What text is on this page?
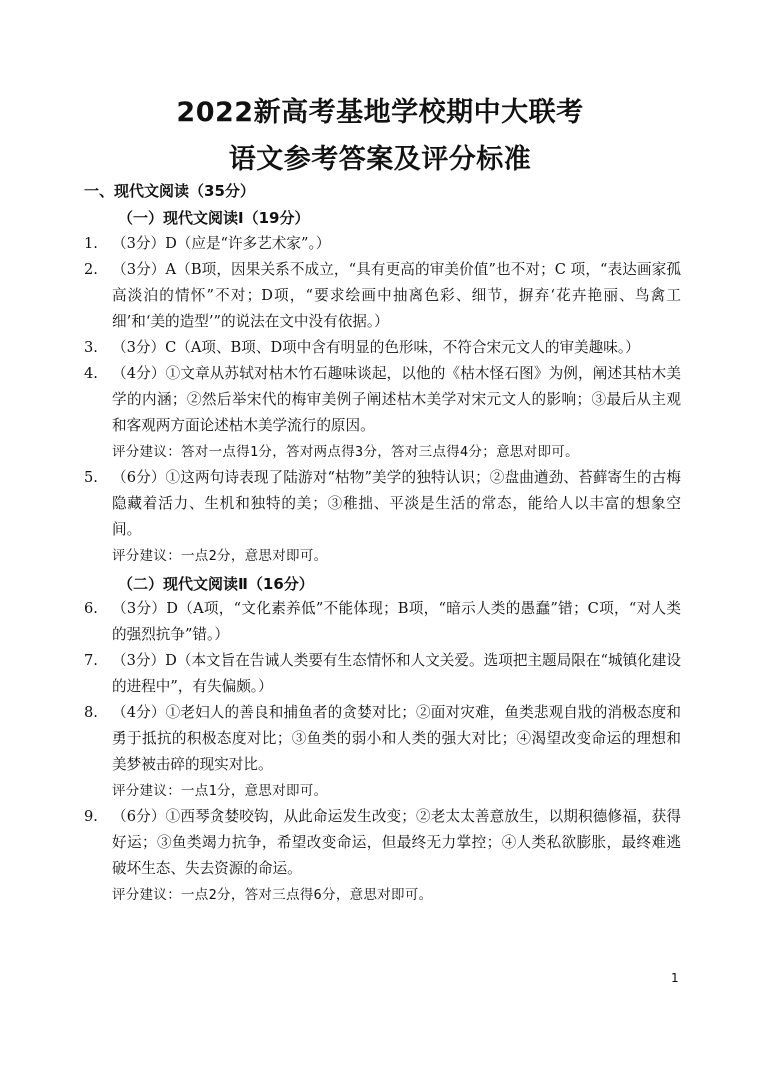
2022新高考基地学校期中大联考
语文参考答案及评分标准
一、现代文阅读（35分）
（一）现代文阅读Ⅰ（19分）
1. （3分）D（应是“许多艺术家”。）
2. （3分）A（B项，因果关系不成立，“具有更高的审美价值”也不对；C 项，“表达画家孤高淡泊的情怀”不对；D项，“要求绘画中抽离色彩、细节，摒弃‘花卉艳丽、鸟禽工细’和‘美的造型’”的说法在文中没有依据。）
3. （3分）C（A项、B项、D项中含有明显的色形味，不符合宋元文人的审美趣味。）
4. （4分）①文章从苏轼对枯木竹石趣味谈起，以他的《枯木怪石图》为例，阐述其枯木美学的内涵；②然后举宋代的梅审美例子阐述枯木美学对宋元文人的影响；③最后从主观和客观两方面论述枯木美学流行的原因。
评分建议：答对一点得1分，答对两点得3分，答对三点得4分；意思对即可。
5. （6分）①这两句诗表现了陆游对“枯物”美学的独特认识；②盘曲遒劲、苔藓寄生的古梅隐藏着活力、生机和独特的美；③稚拙、平淡是生活的常态，能给人以丰富的想象空间。
评分建议：一点2分，意思对即可。
（二）现代文阅读Ⅱ（16分）
6. （3分）D（A项，“文化素养低”不能体现；B项，“暗示人类的愚蠢”错；C项，“对人类的强烈抗争”错。）
7. （3分）D（本文旨在告诫人类要有生态情怀和人文关爱。选项把主题局限在“城镇化建设的进程中”，有失偏颇。）
8. （4分）①老妇人的善良和捕鱼者的贪婪对比；②面对灾难，鱼类悲观自戕的消极态度和勇于抵抗的积极态度对比；③鱼类的弱小和人类的强大对比；④渴望改变命运的理想和美梦被击碎的现实对比。
评分建议：一点1分，意思对即可。
9. （6分）①西琴贪婪咬钩，从此命运发生改变；②老太太善意放生，以期积德修福，获得好运；③鱼类竭力抗争，希望改变命运，但最终无力掌控；④人类私欲膨胀，最终难逃破坏生态、失去资源的命运。
评分建议：一点2分，答对三点得6分，意思对即可。
1
